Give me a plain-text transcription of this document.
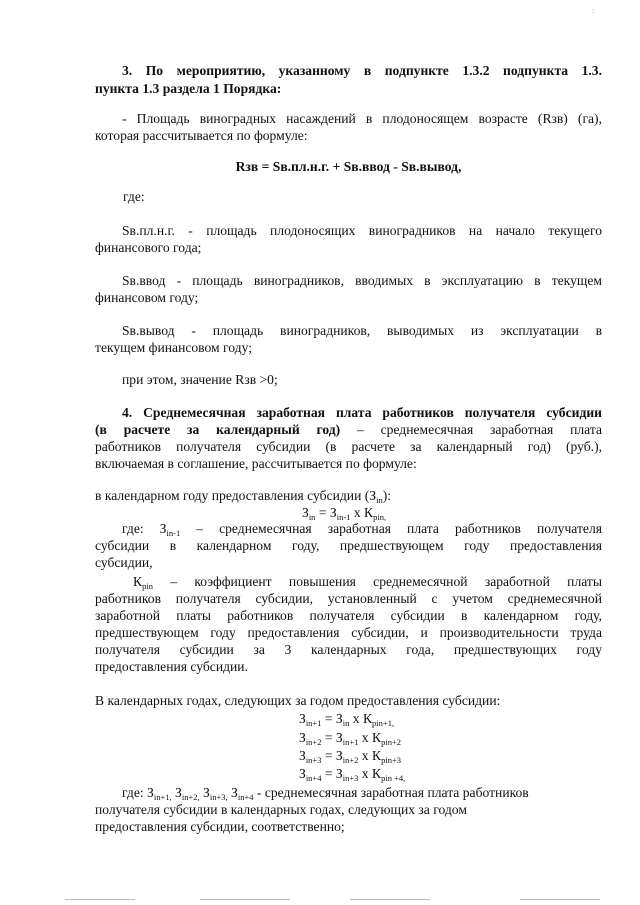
:
3. По мероприятию, указанному в подпункте 1.3.2 подпункта 1.3.
пункта 1.3 раздела 1 Порядка:
- Площадь виноградных насаждений в плодоносящем возрасте (Rзв) (га),
которая рассчитывается по формуле:
Rзв = Sв.пл.н.г. + Sв.ввод - Sв.вывод,
где:
Sв.пл.н.г. - площадь плодоносящих виноградников на начало текущего
финансового года;
Sв.ввод - площадь виноградников, вводимых в эксплуатацию в текущем
финансовом году;
Sв.вывод - площадь виноградников, выводимых из эксплуатации в
текущем финансовом году;
при этом, значение Rзв >0;
4. Среднемесячная заработная плата работников получателя субсидии
(в расчете за календарный год) – среднемесячная заработная плата
работников получателя субсидии (в расчете за календарный год) (руб.),
включаемая в соглашение, рассчитывается по формуле:
в календарном году предоставления субсидии $(З_{in})$:
$З_{in} = З_{in-1}$ х $К_{pin,}$
где: $З_{in-1}$ – среднемесячная заработная плата работников получателя
субсидии в календарном году, предшествующем году предоставления
субсидии,
$К_{pin}$ – коэффициент повышения среднемесячной заработной платы
работников получателя субсидии, установленный с учетом среднемесячной
заработной платы работников получателя субсидии в календарном году,
предшествующем году предоставления субсидии, и производительности труда
получателя субсидии за 3 календарных года, предшествующих году
предоставления субсидии.
В календарных годах, следующих за годом предоставления субсидии:
$З_{in+1} = З_{in}$ х $К_{pin+1,}$
$З_{in+2} = З_{in+1}$ х $К_{pin+2}$
$З_{in+3} = З_{in+2}$ х $К_{pin+3}$
$З_{in+4} = З_{in+3}$ х $К_{pin +4,}$
где: $З_{in+1,}$ $З_{in+2,}$ $З_{in+3,}$ $З_{in+4}$ - среднемесячная заработная плата работников
получателя субсидии в календарных годах, следующих за годом
предоставления субсидии, соответственно;
